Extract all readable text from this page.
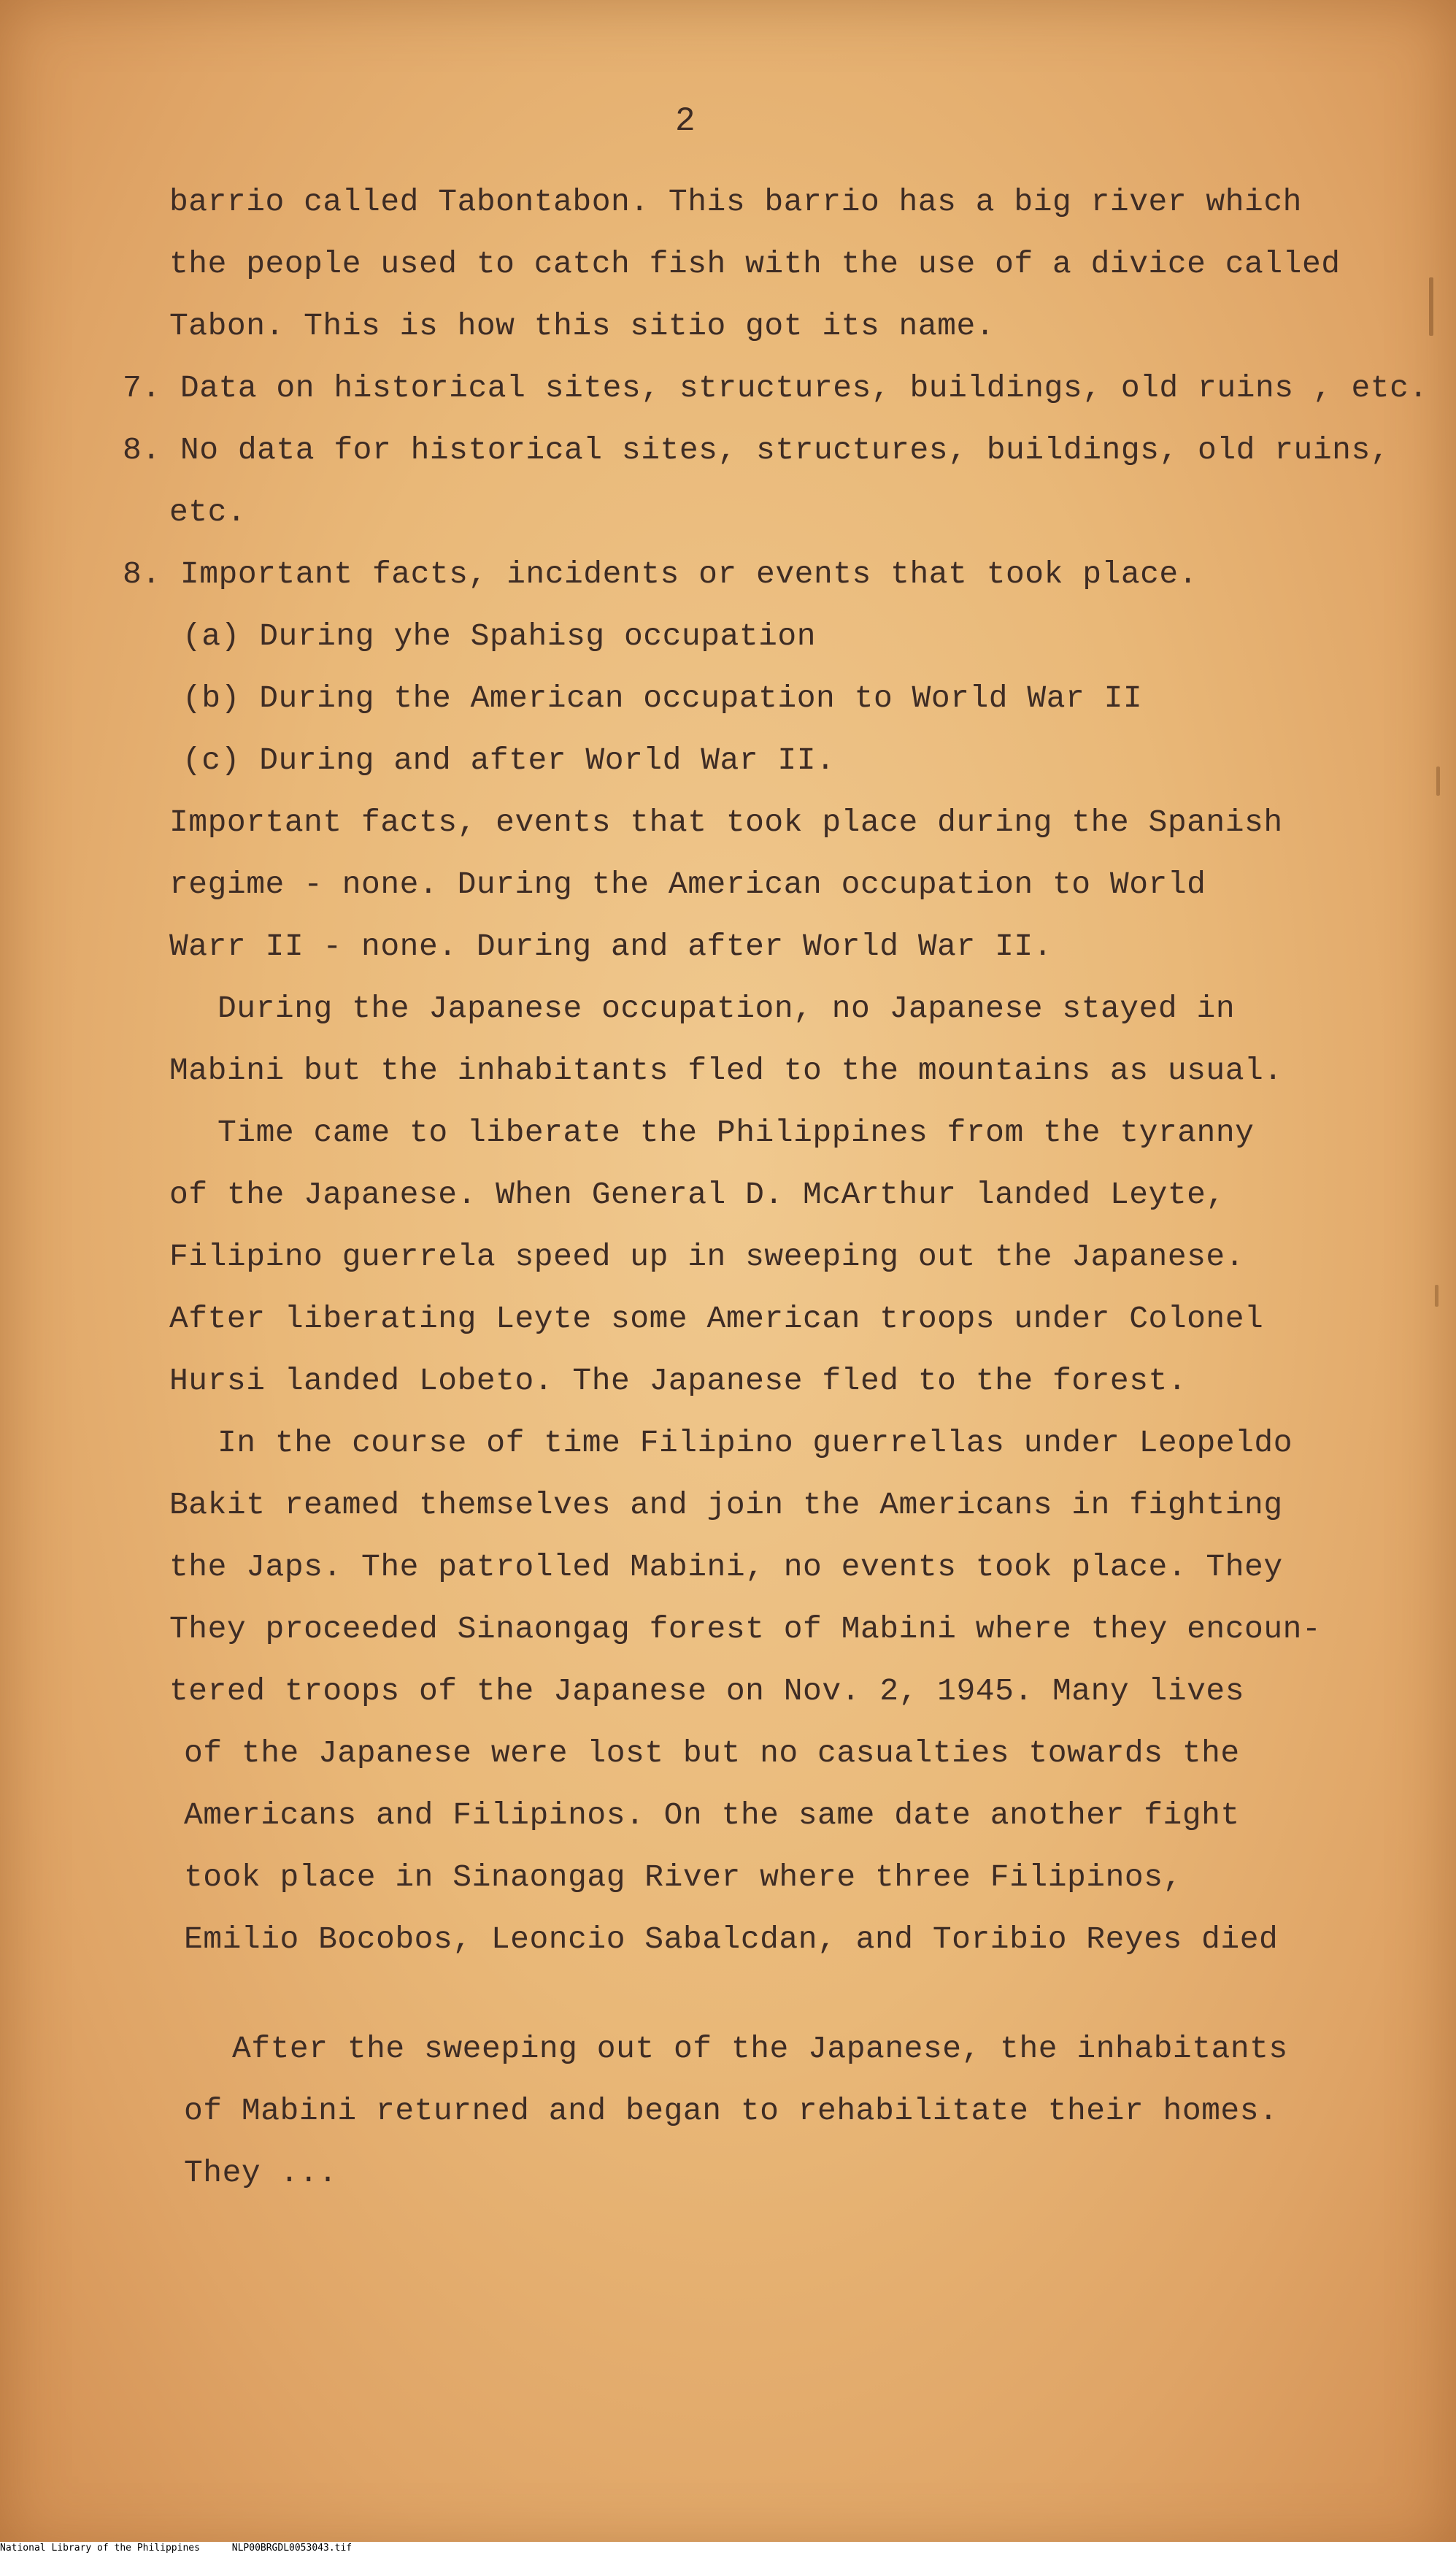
2
barrio called Tabontabon. This barrio has a big river which
the people used to catch fish with the use of a divice called
Tabon. This is how this sitio got its name.
7. Data on historical sites, structures, buildings, old ruins , etc.
8. No data for historical sites, structures, buildings, old ruins,
etc.
8. Important facts, incidents or events that took place.
(a) During yhe Spahisg occupation
(b) During the American occupation to World War II
(c) During and after World War II.
Important facts, events that took place during the Spanish
regime - none. During the American occupation to World
Warr II - none. During and after World War II.
During the Japanese occupation, no Japanese stayed in
Mabini but the inhabitants fled to the mountains as usual.
Time came to liberate the Philippines from the tyranny
of the Japanese. When General D. McArthur landed Leyte,
Filipino guerrela speed up in sweeping out the Japanese.
After liberating Leyte some American troops under Colonel
Hursi landed Lobeto. The Japanese fled to the forest.
In the course of time Filipino guerrellas under Leopeldo
Bakit reamed themselves and join the Americans in fighting
the Japs. The patrolled Mabini, no events took place. They
They proceeded Sinaongag forest of Mabini where they encoun-
tered troops of the Japanese on Nov. 2, 1945. Many lives
of the Japanese were lost but no casualties towards the
Americans and Filipinos. On the same date another fight
took place in Sinaongag River where three Filipinos,
Emilio Bocobos, Leoncio Sabalcdan, and Toribio Reyes died
After the sweeping out of the Japanese, the inhabitants
of Mabini returned and began to rehabilitate their homes.
They ...
National Library of the Philippines	NLP00BRGDL0053043.tif
